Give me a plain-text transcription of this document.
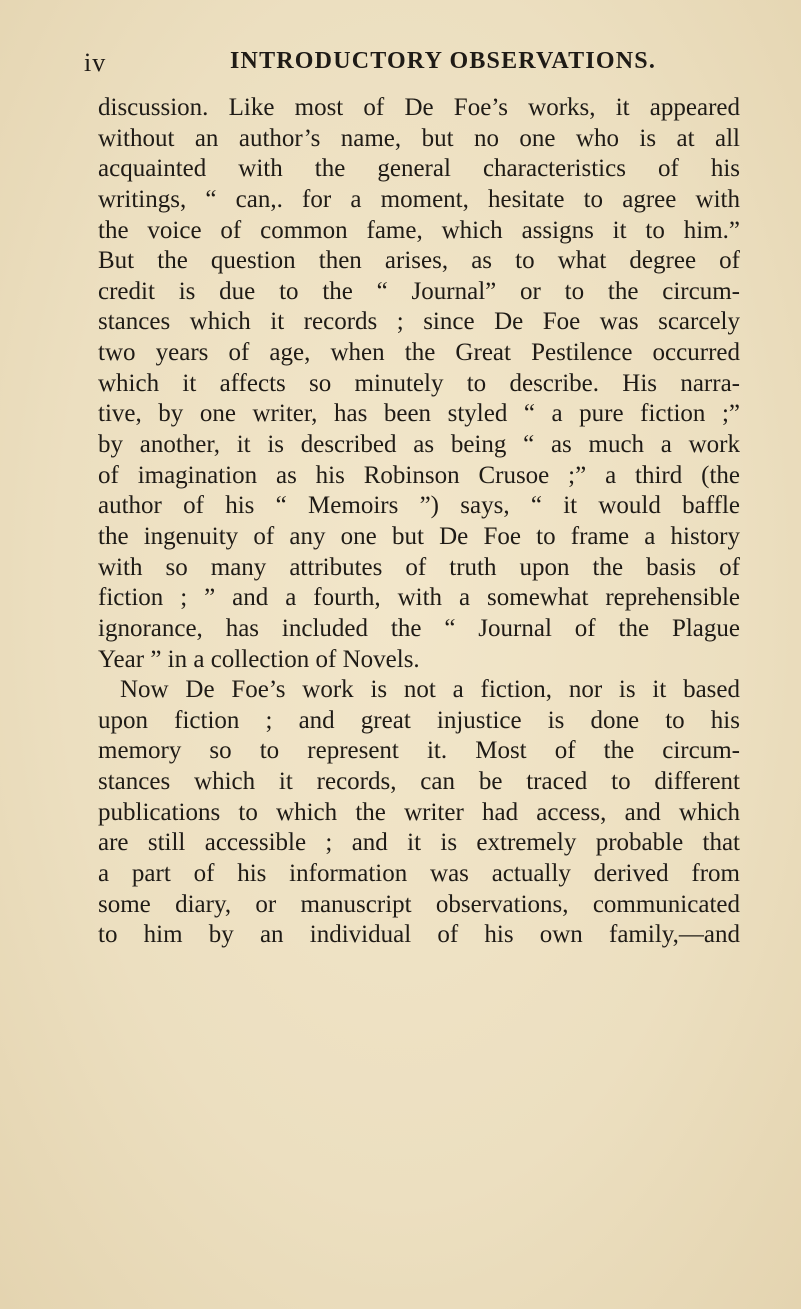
iv	INTRODUCTORY OBSERVATIONS.
discussion. Like most of De Foe’s works, it appeared
without an author’s name, but no one who is at all
acquainted with the general characteristics of his
writings, “ can,. for a moment, hesitate to agree with
the voice of common fame, which assigns it to him.”
But the question then arises, as to what degree of
credit is due to the “ Journal” or to the circum-
stances which it records ; since De Foe was scarcely
two years of age, when the Great Pestilence occurred
which it affects so minutely to describe. His narra-
tive, by one writer, has been styled “ a pure fiction ;”
by another, it is described as being “ as much a work
of imagination as his Robinson Crusoe ;” a third (the
author of his “ Memoirs ”) says, “ it would baffle
the ingenuity of any one but De Foe to frame a history
with so many attributes of truth upon the basis of
fiction ; ” and a fourth, with a somewhat reprehensible
ignorance, has included the “ Journal of the Plague
Year ” in a collection of Novels.
Now De Foe’s work is not a fiction, nor is it based
upon fiction ; and great injustice is done to his
memory so to represent it. Most of the circum-
stances which it records, can be traced to different
publications to which the writer had access, and which
are still accessible ; and it is extremely probable that
a part of his information was actually derived from
some diary, or manuscript observations, communicated
to him by an individual of his own family,—and
